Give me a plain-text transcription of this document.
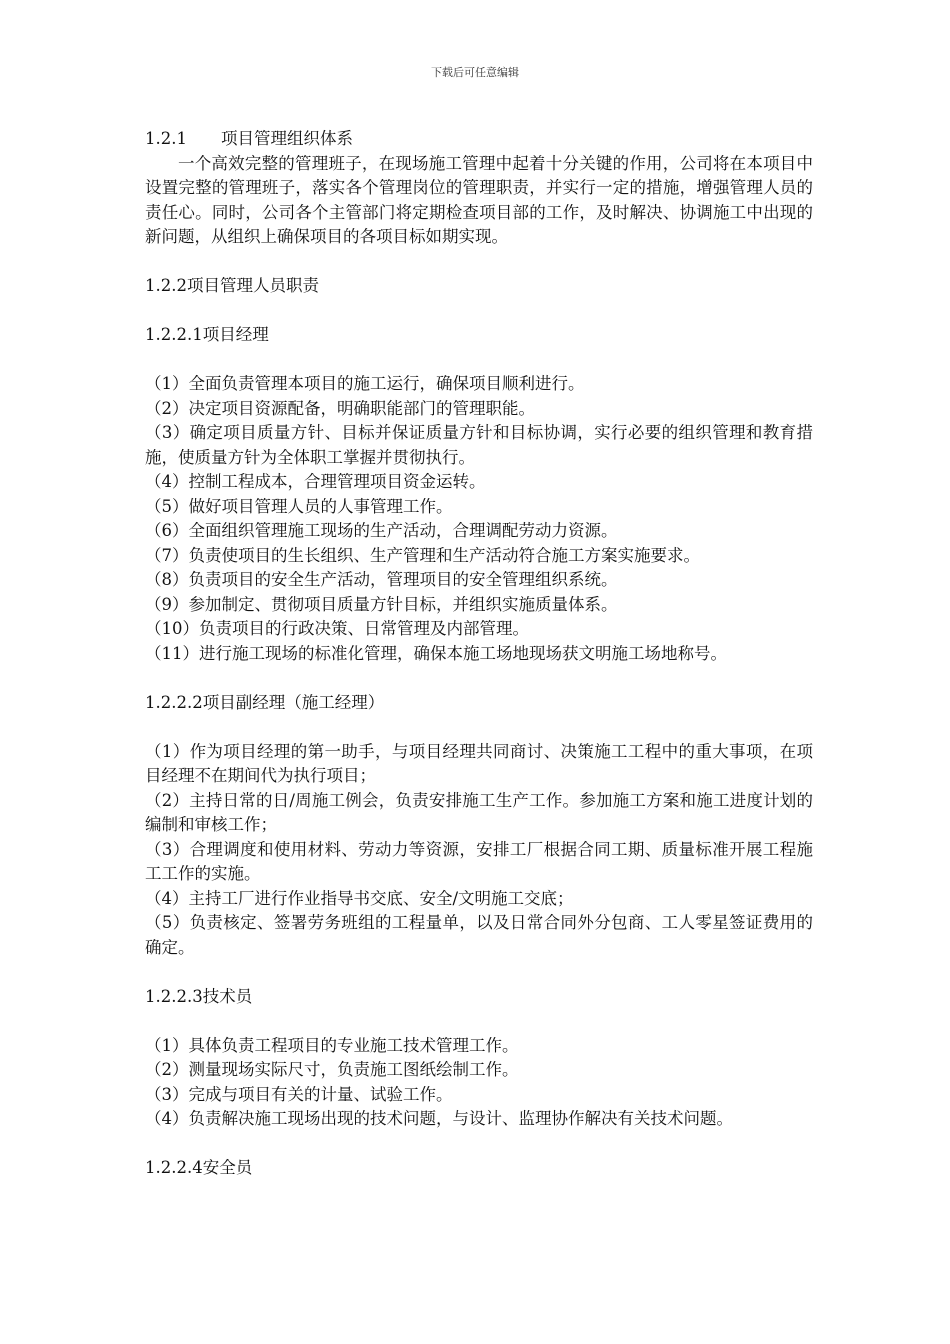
下载后可任意编辑

1.2.1 项目管理组织体系

一个高效完整的管理班子，在现场施工管理中起着十分关键的作用，公司将在本项目中设置完整的管理班子，落实各个管理岗位的管理职责，并实行一定的措施，增强管理人员的责任心。同时，公司各个主管部门将定期检查项目部的工作，及时解决、协调施工中出现的新问题，从组织上确保项目的各项目标如期实现。

1.2.2项目管理人员职责

1.2.2.1项目经理

（1）全面负责管理本项目的施工运行，确保项目顺利进行。

（2）决定项目资源配备，明确职能部门的管理职能。

（3）确定项目质量方针、目标并保证质量方针和目标协调，实行必要的组织管理和教育措施，使质量方针为全体职工掌握并贯彻执行。

（4）控制工程成本，合理管理项目资金运转。

（5）做好项目管理人员的人事管理工作。

（6）全面组织管理施工现场的生产活动，合理调配劳动力资源。

（7）负责使项目的生长组织、生产管理和生产活动符合施工方案实施要求。

（8）负责项目的安全生产活动，管理项目的安全管理组织系统。

（9）参加制定、贯彻项目质量方针目标，并组织实施质量体系。

（10）负责项目的行政决策、日常管理及内部管理。

（11）进行施工现场的标准化管理，确保本施工场地现场获文明施工场地称号。

1.2.2.2项目副经理（施工经理）

（1）作为项目经理的第一助手，与项目经理共同商讨、决策施工工程中的重大事项，在项目经理不在期间代为执行项目；

（2）主持日常的日/周施工例会，负责安排施工生产工作。参加施工方案和施工进度计划的编制和审核工作；

（3）合理调度和使用材料、劳动力等资源，安排工厂根据合同工期、质量标准开展工程施工工作的实施。

（4）主持工厂进行作业指导书交底、安全/文明施工交底；

（5）负责核定、签署劳务班组的工程量单，以及日常合同外分包商、工人零星签证费用的确定。

1.2.2.3技术员

（1）具体负责工程项目的专业施工技术管理工作。

（2）测量现场实际尺寸，负责施工图纸绘制工作。

（3）完成与项目有关的计量、试验工作。

（4）负责解决施工现场出现的技术问题，与设计、监理协作解决有关技术问题。

1.2.2.4安全员
